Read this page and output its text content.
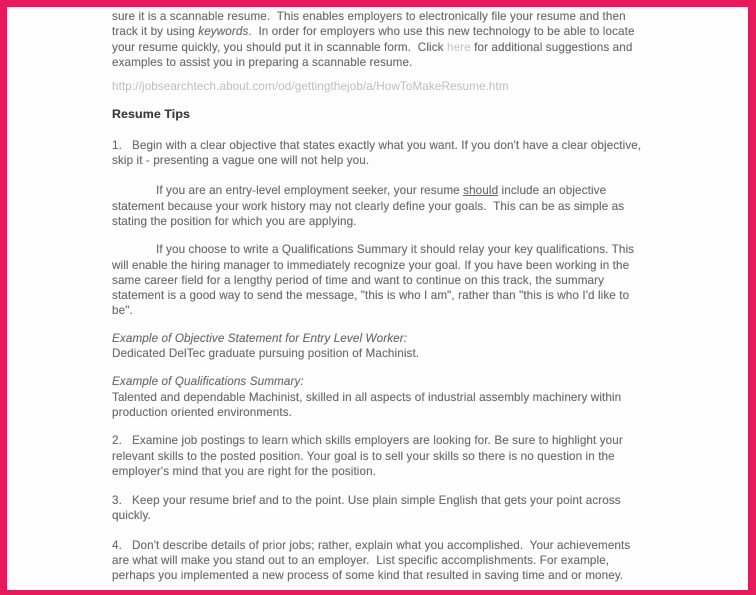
sure it is a scannable resume.  This enables employers to electronically file your resume and then track it by using keywords.  In order for employers who use this new technology to be able to locate your resume quickly, you should put it in scannable form.  Click here for additional suggestions and examples to assist you in preparing a scannable resume.

http://jobsearchtech.about.com/od/gettingthejob/a/HowToMakeResume.htm

Resume Tips

1.   Begin with a clear objective that states exactly what you want. If you don't have a clear objective, skip it - presenting a vague one will not help you.

If you are an entry-level employment seeker, your resume should include an objective statement because your work history may not clearly define your goals.  This can be as simple as stating the position for which you are applying.

If you choose to write a Qualifications Summary it should relay your key qualifications. This will enable the hiring manager to immediately recognize your goal. If you have been working in the same career field for a lengthy period of time and want to continue on this track, the summary statement is a good way to send the message, "this is who I am", rather than "this is who I'd like to be".

Example of Objective Statement for Entry Level Worker:

Dedicated DelTec graduate pursuing position of Machinist.

Example of Qualifications Summary:

Talented and dependable Machinist, skilled in all aspects of industrial assembly machinery within production oriented environments.

2.   Examine job postings to learn which skills employers are looking for. Be sure to highlight your relevant skills to the posted position. Your goal is to sell your skills so there is no question in the employer's mind that you are right for the position.

3.   Keep your resume brief and to the point. Use plain simple English that gets your point across quickly.

4.   Don't describe details of prior jobs; rather, explain what you accomplished.  Your achievements are what will make you stand out to an employer.  List specific accomplishments. For example, perhaps you implemented a new process of some kind that resulted in saving time and or money.
